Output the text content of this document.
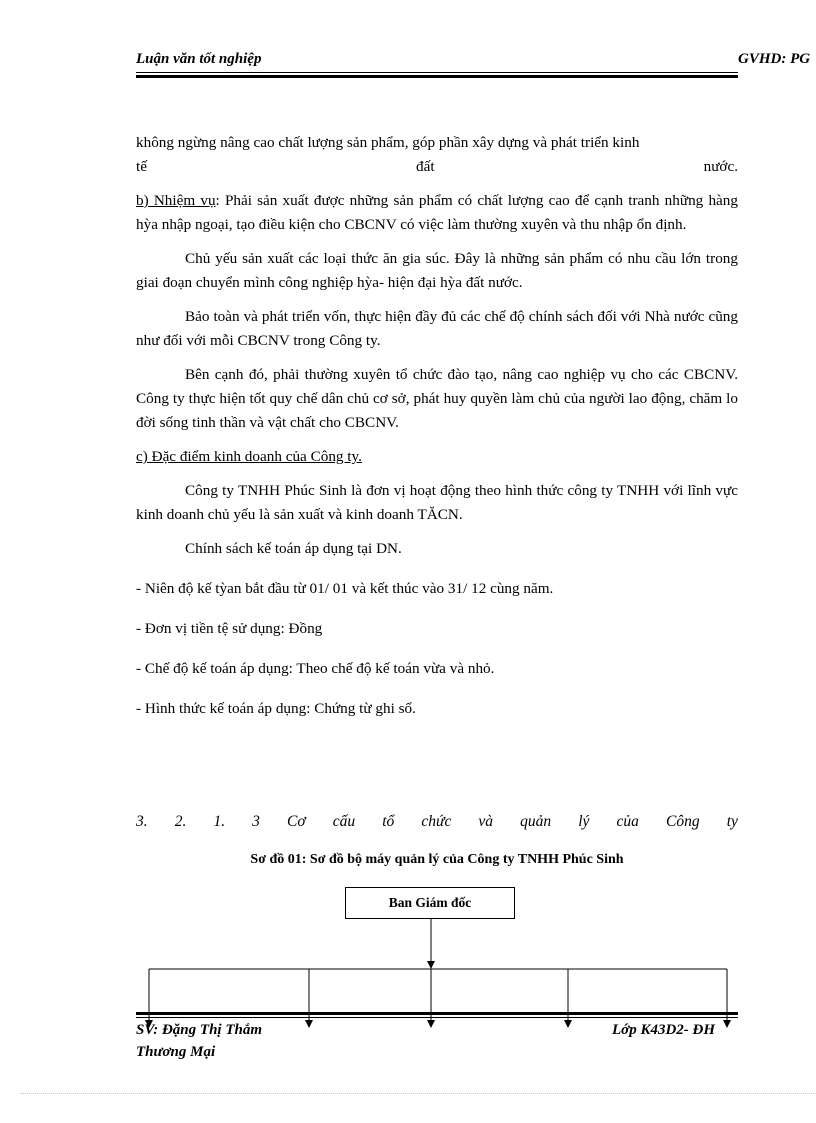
Luận văn tốt nghiệp	GVHD: PG

không ngừng nâng cao chất lượng sản phẩm, góp phần xây dựng và phát triển kinh

tế	đất	nước.

b) Nhiệm vụ: Phải sản xuất được những sản phẩm có chất lượng cao để cạnh tranh những hàng hỳa nhập ngoại, tạo điều kiện cho CBCNV có việc làm thường xuyên và thu nhập ổn định.

Chủ yếu sản xuất các loại thức ăn gia súc. Đây là những sản phẩm có nhu cầu lớn trong giai đoạn chuyển mình công nghiệp hỳa- hiện đại hỳa đất nước.

Bảo toàn và phát triển vốn, thực hiện đầy đủ các chế độ chính sách đối với Nhà nước cũng như đối với mỗi CBCNV trong Công ty.

Bên cạnh đó, phải thường xuyên tổ chức đào tạo, nâng cao nghiệp vụ cho các CBCNV. Công ty thực hiện tốt quy chế dân chủ cơ sở, phát huy quyền làm chủ của người lao động, chăm lo đời sống tinh thần và vật chất cho CBCNV.

c) Đặc điểm kinh doanh của Công ty.

Công ty TNHH Phúc Sinh là đơn vị hoạt động theo hình thức công ty TNHH với lĩnh vực kinh doanh chủ yếu là sản xuất và kinh doanh TĂCN.

Chính sách kế toán áp dụng tại DN.

- Niên độ kế tỳan bắt đầu từ 01/ 01 và kết thúc vào 31/ 12 cùng năm.

- Đơn vị tiền tệ sử dụng: Đồng

- Chế độ kế toán áp dụng: Theo chế độ kế toán vừa và nhỏ.

- Hình thức kế toán áp dụng: Chứng từ ghi sổ.

3. 2. 1. 3 Cơ cấu tổ chức và quản lý của Công ty
Sơ đồ 01: Sơ đồ bộ máy quản lý của Công ty TNHH Phúc Sinh
Ban Giám đốc
SV: Đặng Thị Thắm
Thương Mại
Lớp K43D2- ĐH
